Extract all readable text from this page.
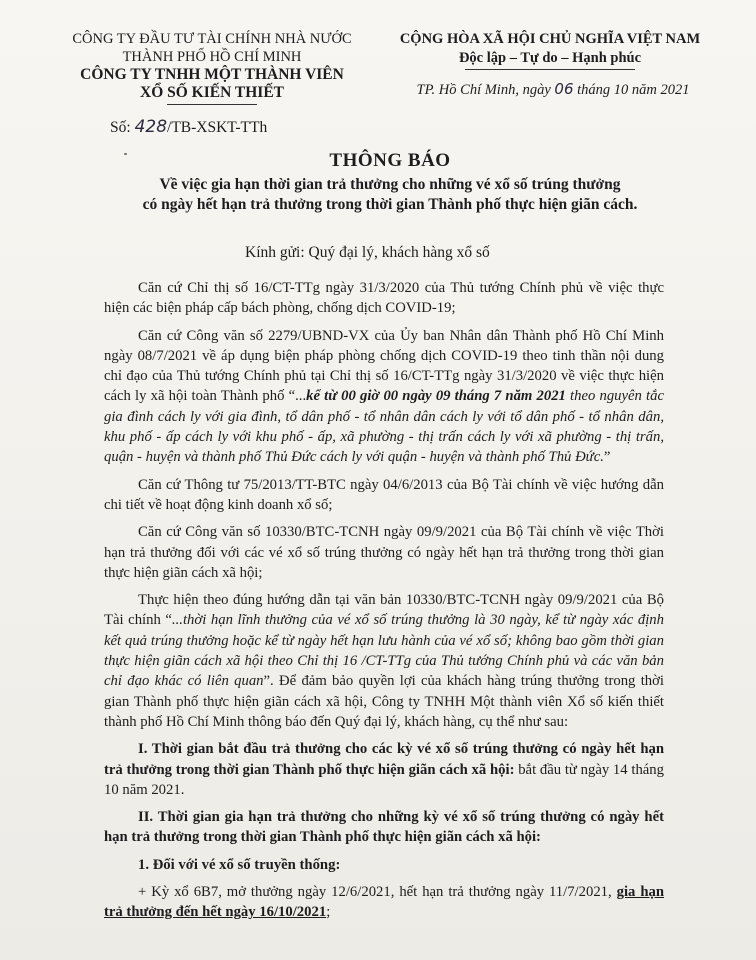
CÔNG TY ĐẦU TƯ TÀI CHÍNH NHÀ NƯỚC
THÀNH PHỐ HỒ CHÍ MINH
CÔNG TY TNHH MỘT THÀNH VIÊN
XỔ SỐ KIẾN THIẾT
CỘNG HÒA XÃ HỘI CHỦ NGHĨA VIỆT NAM
Độc lập – Tự do – Hạnh phúc
TP. Hồ Chí Minh, ngày 06 tháng 10 năm 2021
Số: 428/TB-XSKT-TTh
THÔNG BÁO
Về việc gia hạn thời gian trả thưởng cho những vé xổ số trúng thưởng
có ngày hết hạn trả thưởng trong thời gian Thành phố thực hiện giãn cách.
Kính gửi: Quý đại lý, khách hàng xổ số

Căn cứ Chỉ thị số 16/CT-TTg ngày 31/3/2020 của Thủ tướng Chính phủ về việc thực hiện các biện pháp cấp bách phòng, chống dịch COVID-19;

Căn cứ Công văn số 2279/UBND-VX của Ủy ban Nhân dân Thành phố Hồ Chí Minh ngày 08/7/2021 về áp dụng biện pháp phòng chống dịch COVID-19 theo tinh thần nội dung chỉ đạo của Thủ tướng Chính phủ tại Chỉ thị số 16/CT-TTg ngày 31/3/2020 về việc thực hiện cách ly xã hội toàn Thành phố “...kể từ 00 giờ 00 ngày 09 tháng 7 năm 2021 theo nguyên tắc gia đình cách ly với gia đình, tổ dân phố - tổ nhân dân cách ly với tổ dân phố - tổ nhân dân, khu phố - ấp cách ly với khu phố - ấp, xã phường - thị trấn cách ly với xã phường - thị trấn, quận - huyện và thành phố Thủ Đức cách ly với quận - huyện và thành phố Thủ Đức.”

Căn cứ Thông tư 75/2013/TT-BTC ngày 04/6/2013 của Bộ Tài chính về việc hướng dẫn chi tiết về hoạt động kinh doanh xổ số;

Căn cứ Công văn số 10330/BTC-TCNH ngày 09/9/2021 của Bộ Tài chính về việc Thời hạn trả thưởng đối với các vé xổ số trúng thưởng có ngày hết hạn trả thưởng trong thời gian thực hiện giãn cách xã hội;

Thực hiện theo đúng hướng dẫn tại văn bản 10330/BTC-TCNH ngày 09/9/2021 của Bộ Tài chính “...thời hạn lĩnh thưởng của vé xổ số trúng thưởng là 30 ngày, kể từ ngày xác định kết quả trúng thưởng hoặc kể từ ngày hết hạn lưu hành của vé xổ số; không bao gồm thời gian thực hiện giãn cách xã hội theo Chỉ thị 16 /CT-TTg của Thủ tướng Chính phủ và các văn bản chỉ đạo khác có liên quan”. Để đảm bảo quyền lợi của khách hàng trúng thưởng trong thời gian Thành phố thực hiện giãn cách xã hội, Công ty TNHH Một thành viên Xổ số kiến thiết thành phố Hồ Chí Minh thông báo đến Quý đại lý, khách hàng, cụ thể như sau:

I. Thời gian bắt đầu trả thưởng cho các kỳ vé xổ số trúng thưởng có ngày hết hạn trả thưởng trong thời gian Thành phố thực hiện giãn cách xã hội: bắt đầu từ ngày 14 tháng 10 năm 2021.

II. Thời gian gia hạn trả thưởng cho những kỳ vé xổ số trúng thưởng có ngày hết hạn trả thưởng trong thời gian Thành phố thực hiện giãn cách xã hội:

1. Đối với vé xổ số truyền thống:

+ Kỳ xổ 6B7, mở thưởng ngày 12/6/2021, hết hạn trả thưởng ngày 11/7/2021, gia hạn trả thưởng đến hết ngày 16/10/2021;
